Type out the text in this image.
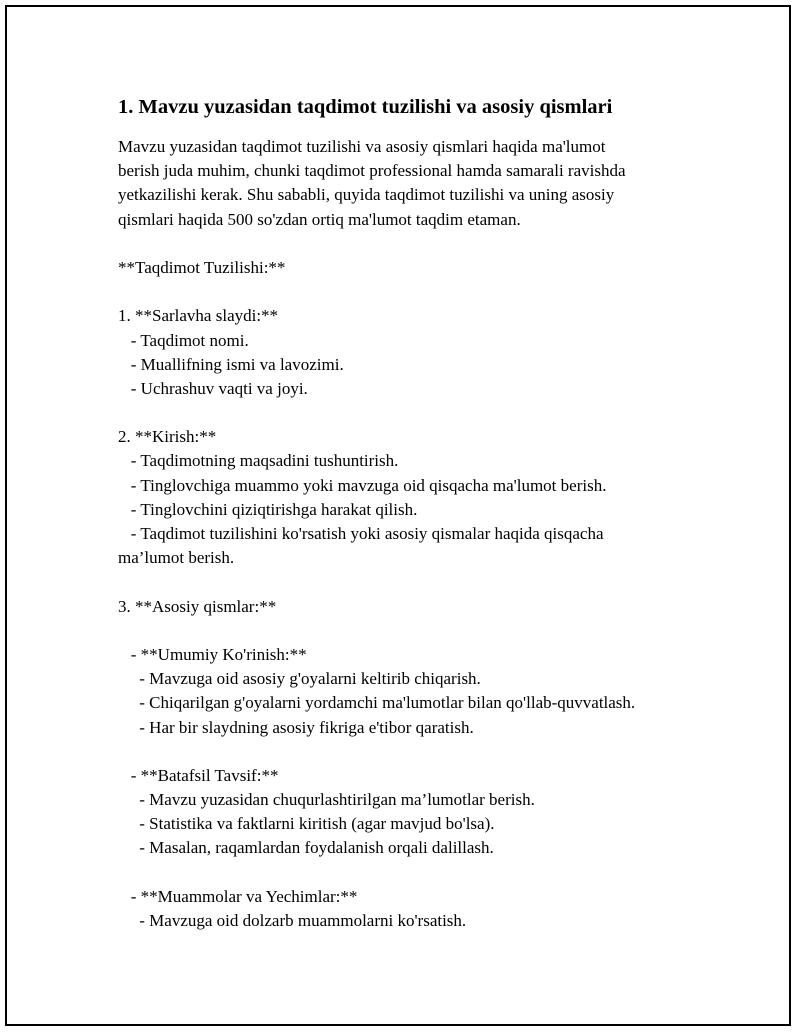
1. Mavzu yuzasidan taqdimot tuzilishi va asosiy qismlari
Mavzu yuzasidan taqdimot tuzilishi va asosiy qismlari haqida ma'lumot
berish juda muhim, chunki taqdimot professional hamda samarali ravishda
yetkazilishi kerak. Shu sababli, quyida taqdimot tuzilishi va uning asosiy
qismlari haqida 500 so'zdan ortiq ma'lumot taqdim etaman.
**Taqdimot Tuzilishi:**
1. **Sarlavha slaydi:**
- Taqdimot nomi.
- Muallifning ismi va lavozimi.
- Uchrashuv vaqti va joyi.
2. **Kirish:**
- Taqdimotning maqsadini tushuntirish.
- Tinglovchiga muammo yoki mavzuga oid qisqacha ma'lumot berish.
- Tinglovchini qiziqtirishga harakat qilish.
- Taqdimot tuzilishini ko'rsatish yoki asosiy qismalar haqida qisqacha
ma’lumot berish.
3. **Asosiy qismlar:**
- **Umumiy Ko'rinish:**
- Mavzuga oid asosiy g'oyalarni keltirib chiqarish.
- Chiqarilgan g'oyalarni yordamchi ma'lumotlar bilan qo'llab-quvvatlash.
- Har bir slaydning asosiy fikriga e'tibor qaratish.
- **Batafsil Tavsif:**
- Mavzu yuzasidan chuqurlashtirilgan ma’lumotlar berish.
- Statistika va faktlarni kiritish (agar mavjud bo'lsa).
- Masalan, raqamlardan foydalanish orqali dalillash.
- **Muammolar va Yechimlar:**
- Mavzuga oid dolzarb muammolarni ko'rsatish.
